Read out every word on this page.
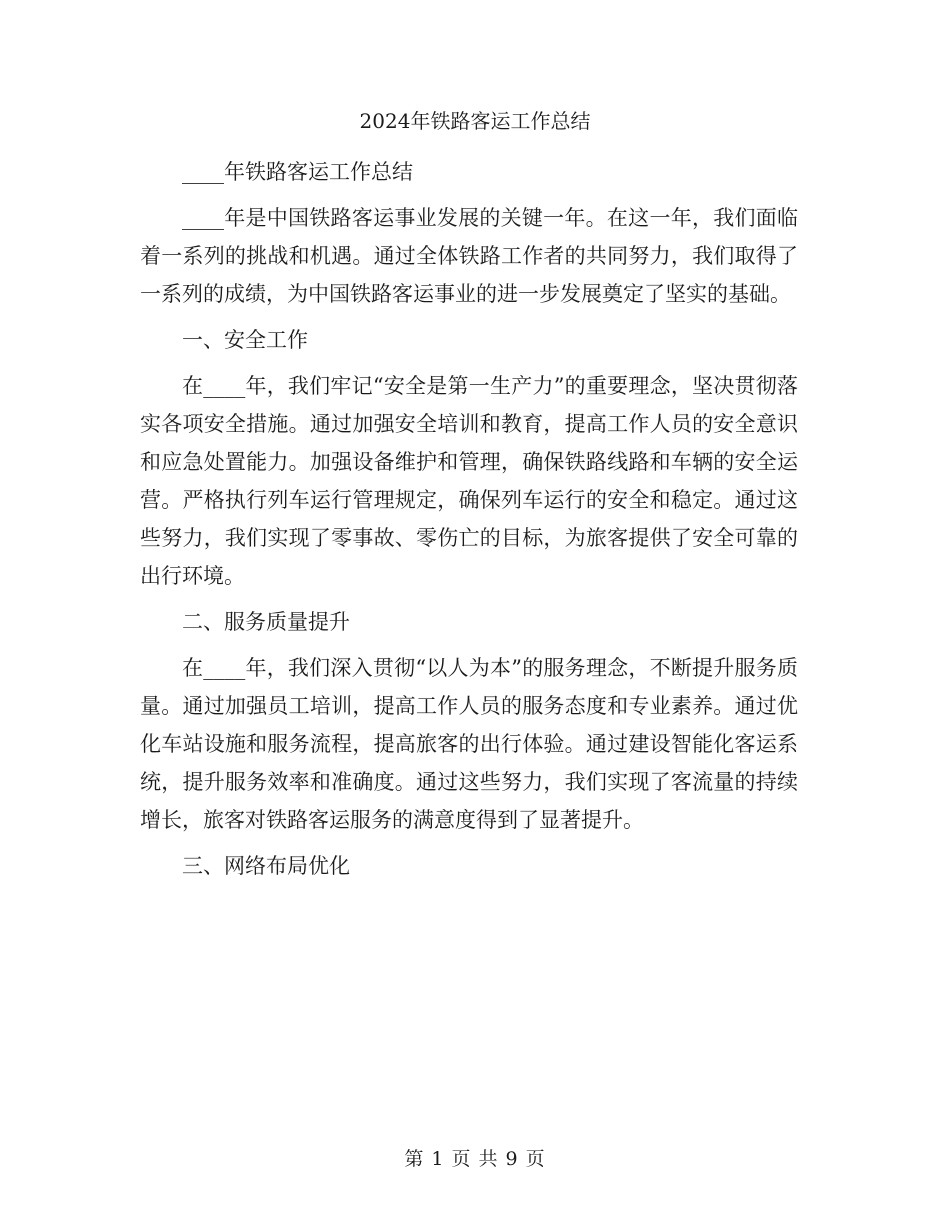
2024年铁路客运工作总结

____年铁路客运工作总结

____年是中国铁路客运事业发展的关键一年。在这一年，我们面临着一系列的挑战和机遇。通过全体铁路工作者的共同努力，我们取得了一系列的成绩，为中国铁路客运事业的进一步发展奠定了坚实的基础。

一、安全工作

在____年，我们牢记“安全是第一生产力”的重要理念，坚决贯彻落实各项安全措施。通过加强安全培训和教育，提高工作人员的安全意识和应急处置能力。加强设备维护和管理，确保铁路线路和车辆的安全运营。严格执行列车运行管理规定，确保列车运行的安全和稳定。通过这些努力，我们实现了零事故、零伤亡的目标，为旅客提供了安全可靠的出行环境。

二、服务质量提升

在____年，我们深入贯彻“以人为本”的服务理念，不断提升服务质量。通过加强员工培训，提高工作人员的服务态度和专业素养。通过优化车站设施和服务流程，提高旅客的出行体验。通过建设智能化客运系统，提升服务效率和准确度。通过这些努力，我们实现了客流量的持续增长，旅客对铁路客运服务的满意度得到了显著提升。

三、网络布局优化

第 1 页 共 9 页
